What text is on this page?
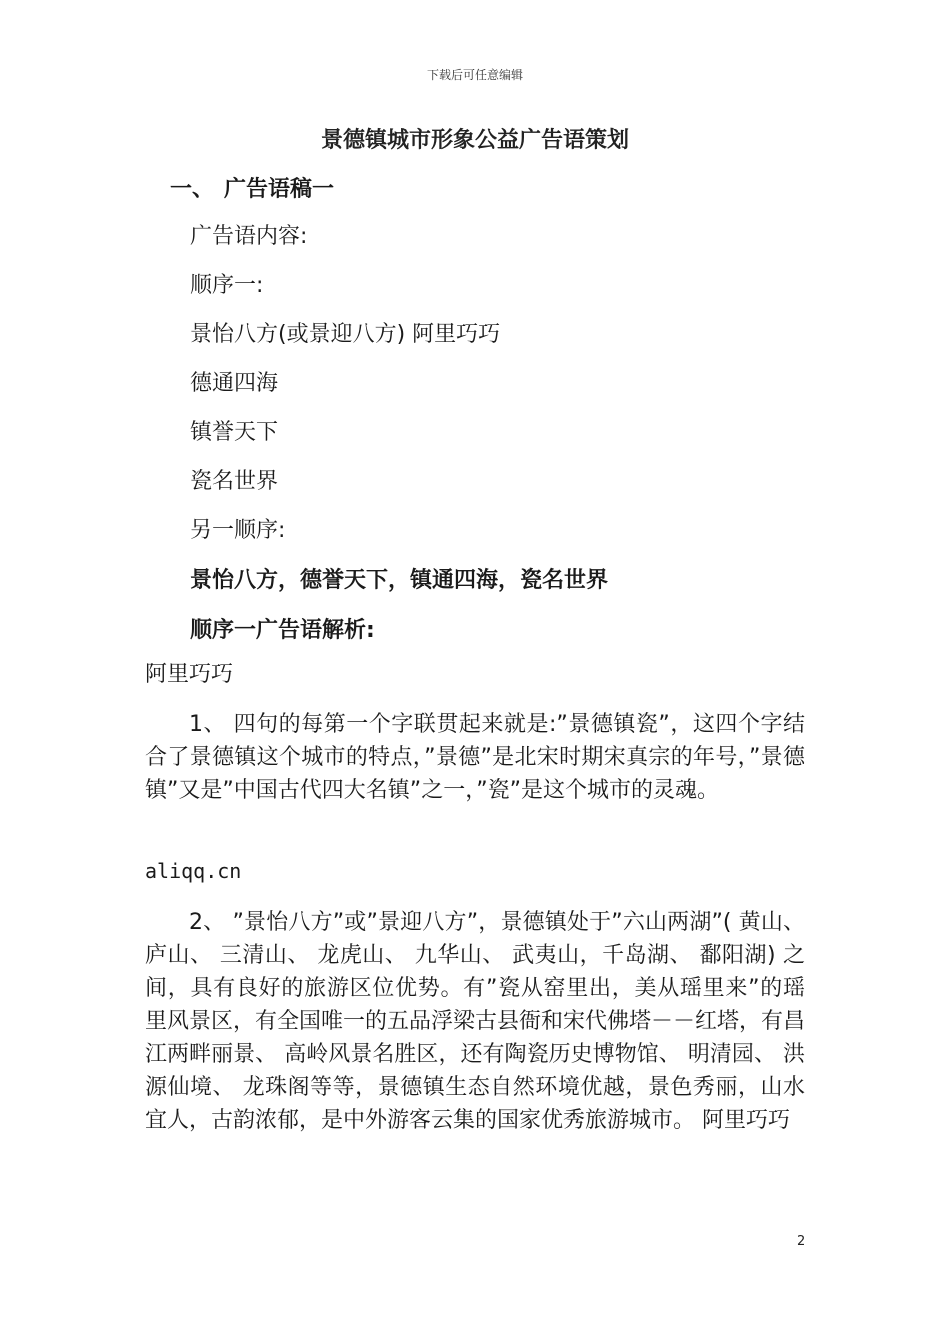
下载后可任意编辑
景德镇城市形象公益广告语策划
一、 广告语稿一
广告语内容:
顺序一:
景怡八方(或景迎八方) 阿里巧巧
德通四海
镇誉天下
瓷名世界
另一顺序:
景怡八方，德誉天下，镇通四海，瓷名世界
顺序一广告语解析:
阿里巧巧
1、 四句的每第一个字联贯起来就是:”景德镇瓷”，这四个字结合了景德镇这个城市的特点，”景德”是北宋时期宋真宗的年号，”景德镇”又是”中国古代四大名镇”之一，”瓷”是这个城市的灵魂。
aliqq.cn
2、 ”景怡八方”或”景迎八方”，景德镇处于”六山两湖”( 黄山、 庐山、 三清山、 龙虎山、 九华山、 武夷山，千岛湖、 鄱阳湖) 之间，具有良好的旅游区位优势。有”瓷从窑里出，美从瑶里来”的瑶里风景区，有全国唯一的五品浮梁古县衙和宋代佛塔－－红塔，有昌江两畔丽景、 高岭风景名胜区，还有陶瓷历史博物馆、 明清园、 洪源仙境、 龙珠阁等等，景德镇生态自然环境优越，景色秀丽，山水宜人，古韵浓郁，是中外游客云集的国家优秀旅游城市。 阿里巧巧
2
